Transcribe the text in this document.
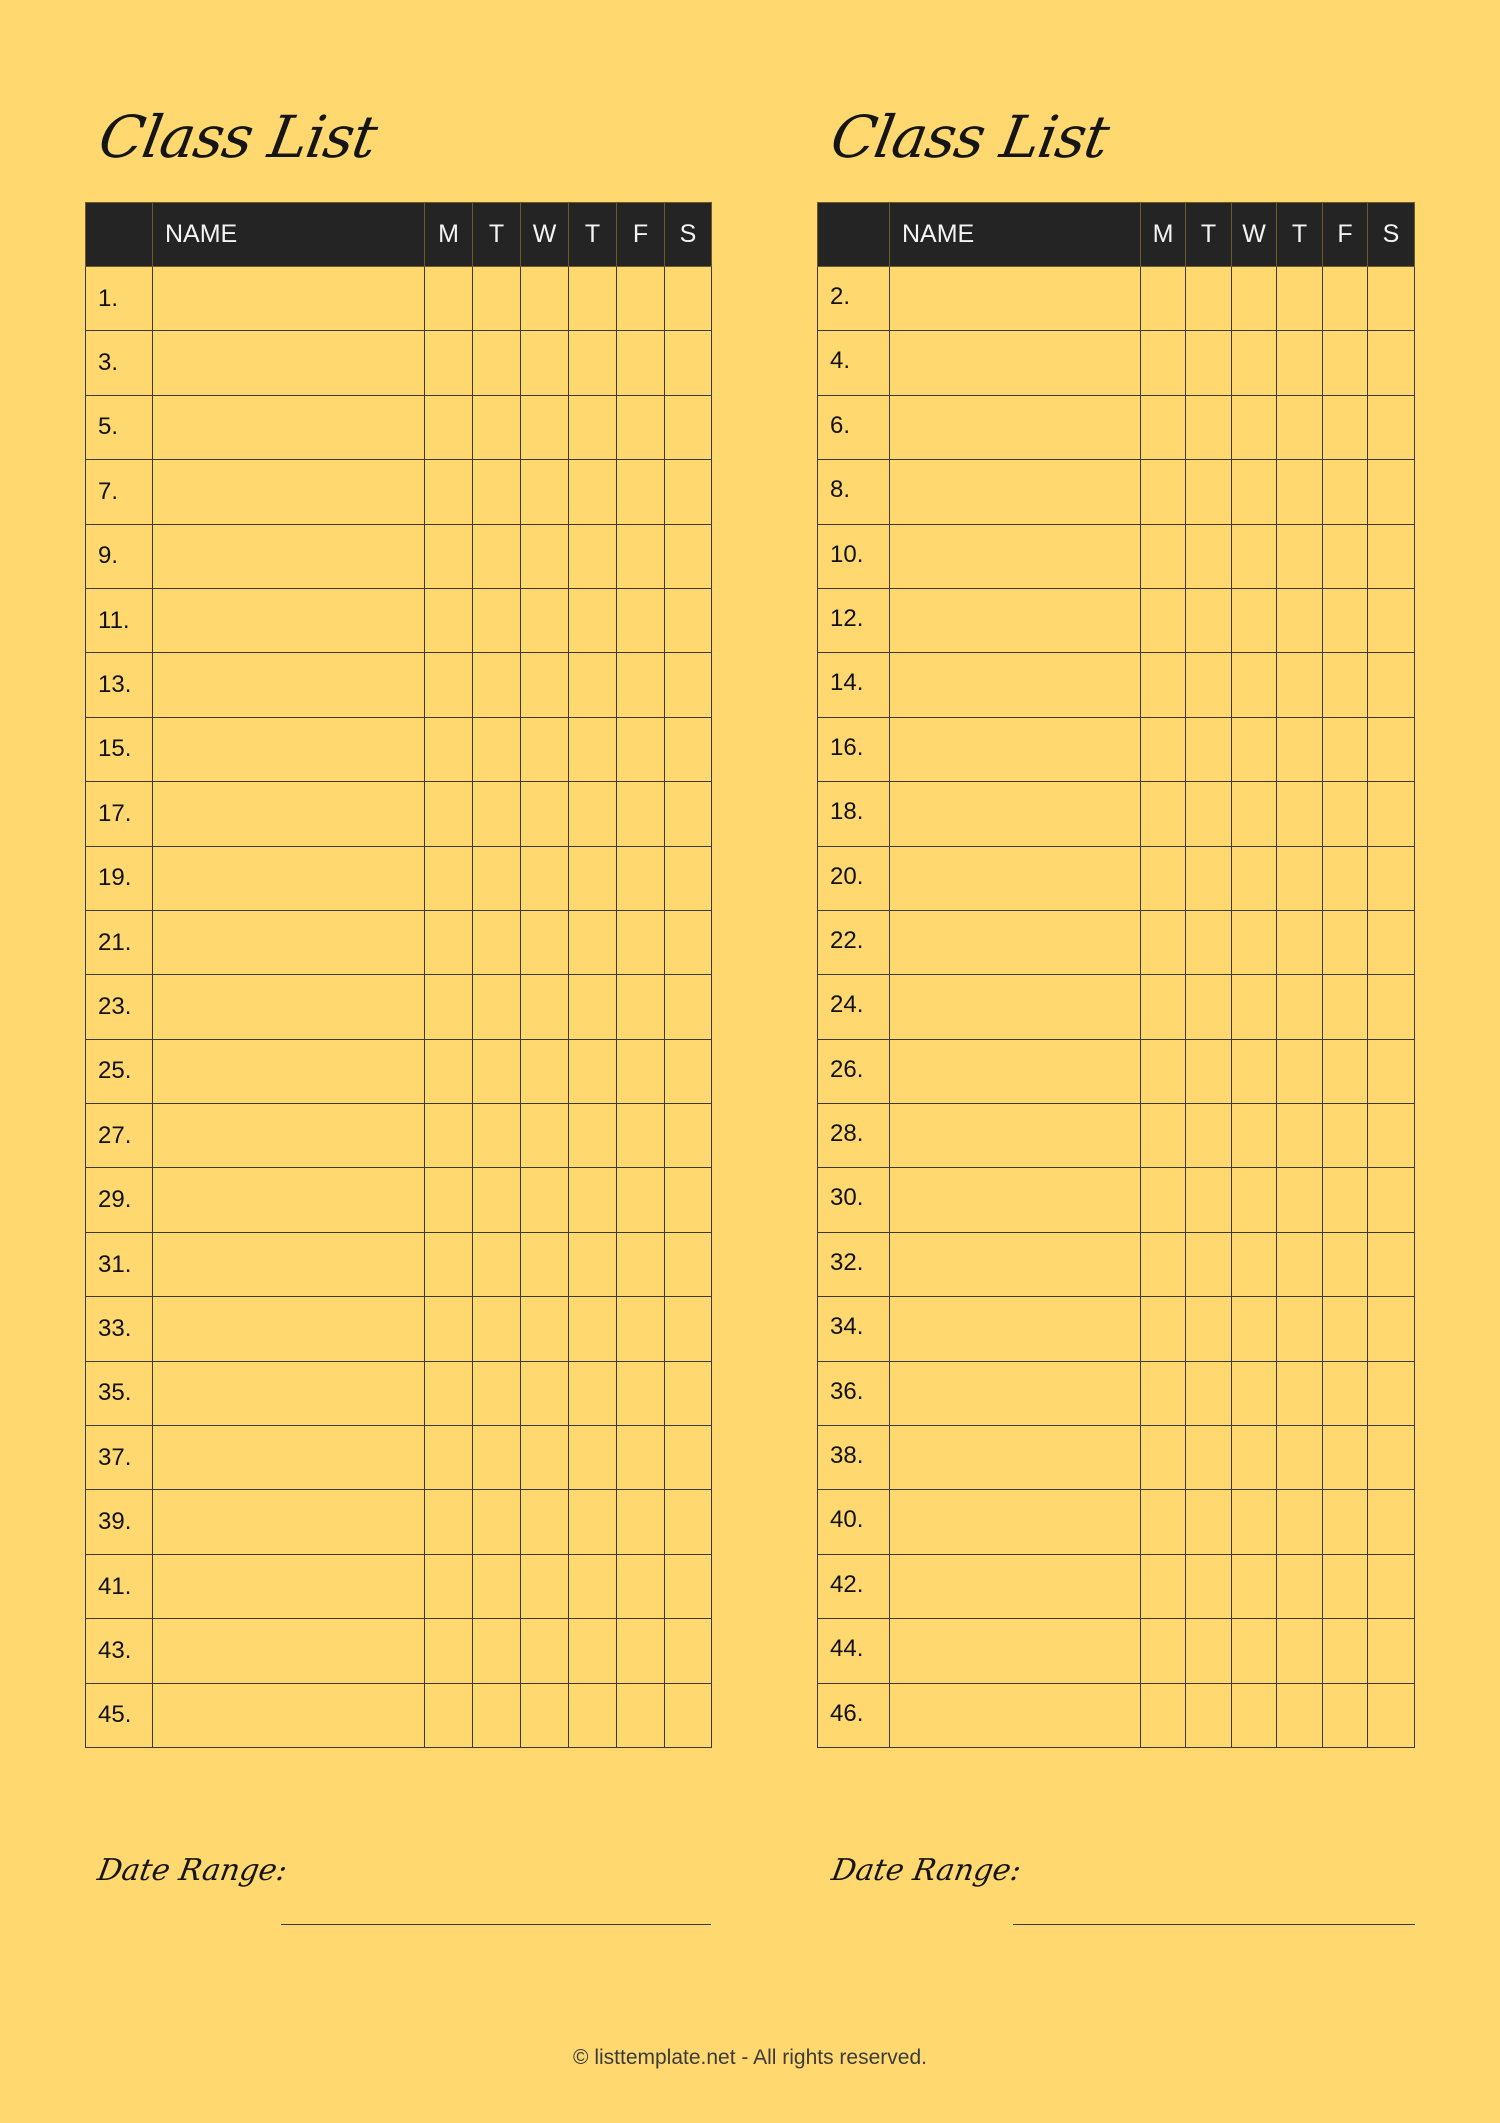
Class List	Class List
	NAME	M	T	W	T	F	S
1.							
3.							
5.							
7.							
9.							
11.							
13.							
15.							
17.							
19.							
21.							
23.							
25.							
27.							
29.							
31.							
33.							
35.							
37.							
39.							
41.							
43.							
45.							
	NAME	M	T	W	T	F	S
2.							
4.							
6.							
8.							
10.							
12.							
14.							
16.							
18.							
20.							
22.							
24.							
26.							
28.							
30.							
32.							
34.							
36.							
38.							
40.							
42.							
44.							
46.							
Date Range:	Date Range:
© listtemplate.net - All rights reserved.
